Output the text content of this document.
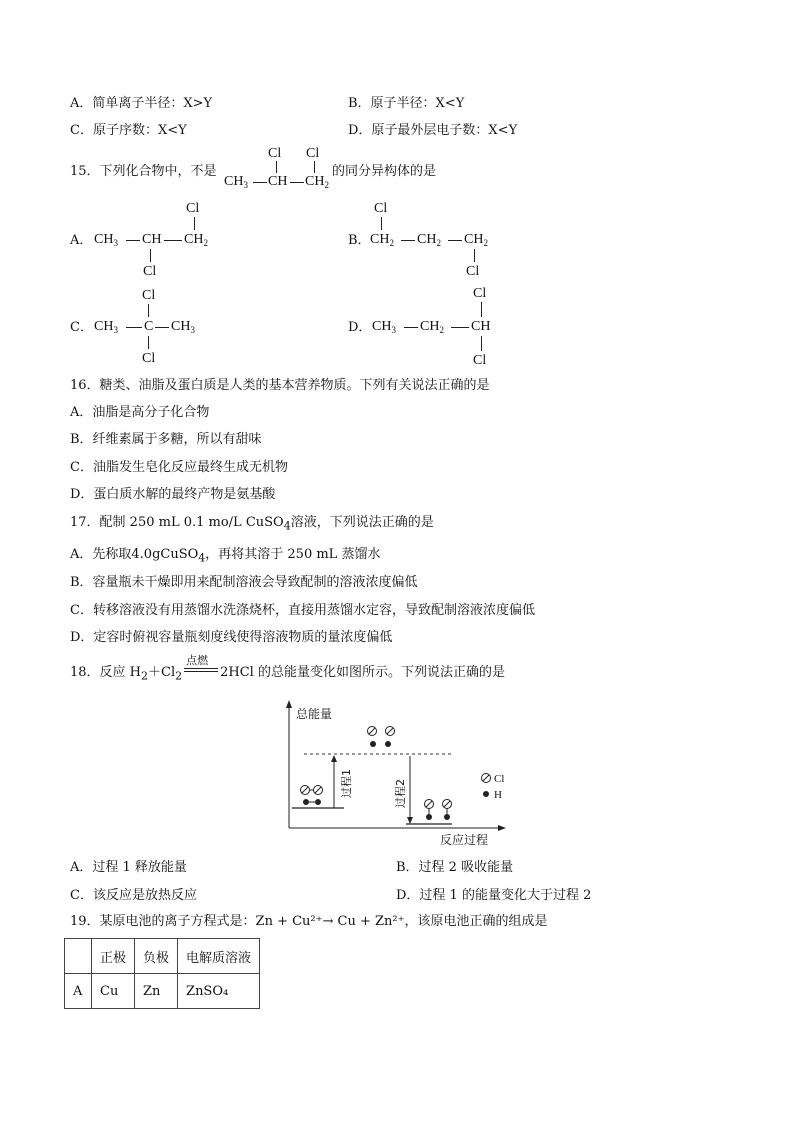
A．简单离子半径：X>Y	B．原子半径：X<Y
C．原子序数：X<Y	D．原子最外层电子数：X<Y
15．下列化合物中，不是
Cl Cl
$CH_3$ CH $CH_2$
的同分异构体的是
A． $CH_3$ CH $CH_2$
Cl
Cl
B．
Cl
$CH_2$ $CH_2$ $CH_2$
Cl
C．
Cl
$CH_3$ C $CH_3$
Cl
D．
Cl
$CH_3$ $CH_2$ CH
Cl
16．糖类、油脂及蛋白质是人类的基本营养物质。下列有关说法正确的是
A．油脂是高分子化合物
B．纤维素属于多糖，所以有甜味
C．油脂发生皂化反应最终生成无机物
D．蛋白质水解的最终产物是氨基酸
17．配制 250 mL 0.1 mo/L CuSO$_4$溶液，下列说法正确的是
A．先称取4.0gCuSO$_4$，再将其溶于 250 mL 蒸馏水
B．容量瓶未干燥即用来配制溶液会导致配制的溶液浓度偏低
C．转移溶液没有用蒸馏水洗涤烧杯，直接用蒸馏水定容，导致配制溶液浓度偏低
D．定容时俯视容量瓶刻度线使得溶液物质的量浓度偏低
18．反应 $H_2+Cl_2$
点燃
2HCl 的总能量变化如图所示。下列说法正确的是
总能量
反应过程
过程1	过程2	Cl
H
A．过程 1 释放能量	B．过程 2 吸收能量
C．该反应是放热反应	D．过程 1 的能量变化大于过程 2
19．某原电池的离子方程式是：Zn + Cu²⁺→ Cu + Zn²⁺，该原电池正确的组成是
	正极	负极	电解质溶液
A	Cu	Zn	ZnSO₄
